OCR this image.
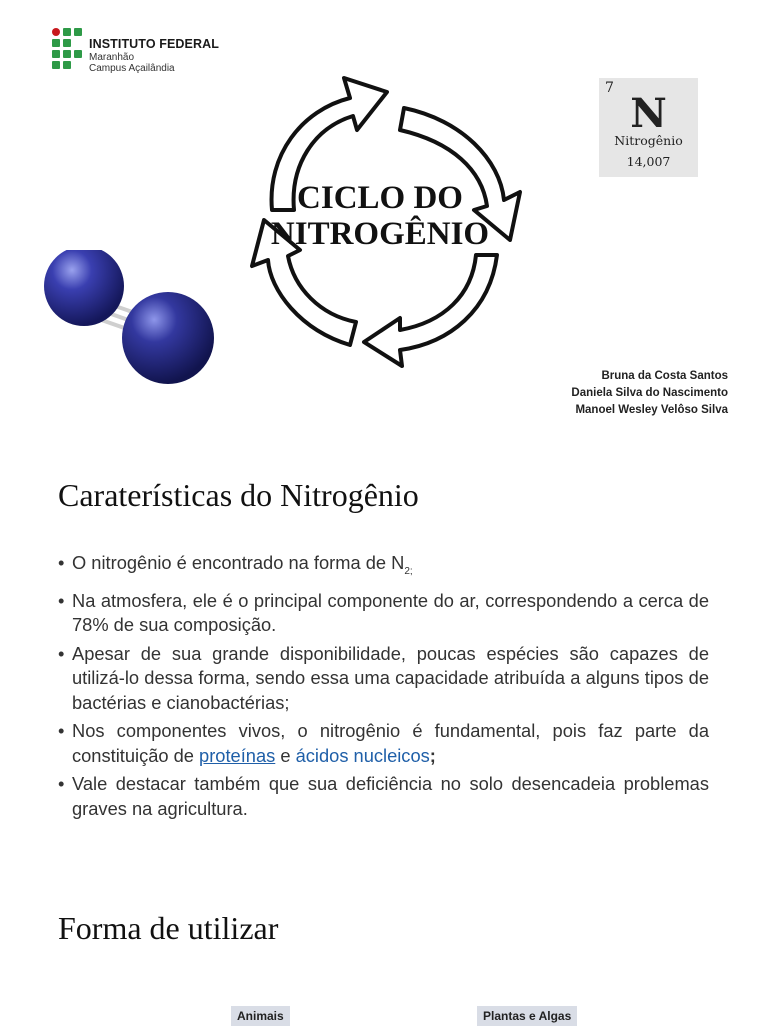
INSTITUTO FEDERAL
Maranhão
Campus Açailândia
7
N
Nitrogênio
14,007
CICLO DO
NITROGÊNIO
Bruna da Costa Santos
Daniela Silva do Nascimento
Manoel Wesley Velôso Silva
Caraterísticas do Nitrogênio
• O nitrogênio é encontrado na forma de $N_{2;}$
• Na atmosfera, ele é o principal componente do ar, correspondendo a cerca de 78% de sua composição.
• Apesar de sua grande disponibilidade, poucas espécies são capazes de utilizá-lo dessa forma, sendo essa uma capacidade atribuída a alguns tipos de bactérias e cianobactérias;
• Nos componentes vivos, o nitrogênio é fundamental, pois faz parte da constituição de proteínas e ácidos nucleicos;
• Vale destacar também que sua deficiência no solo desencadeia problemas graves na agricultura.
Forma de utilizar
Animais	Plantas e Algas
